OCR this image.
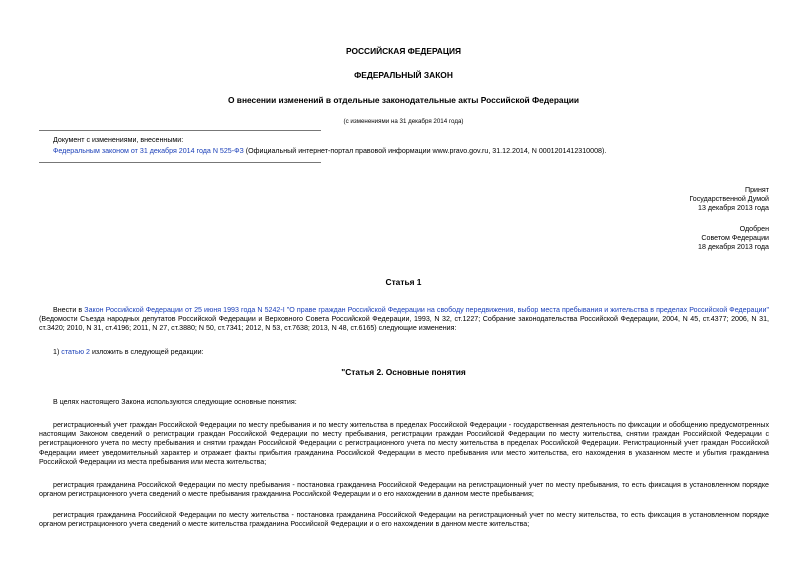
РОССИЙСКАЯ ФЕДЕРАЦИЯ
ФЕДЕРАЛЬНЫЙ ЗАКОН
О внесении изменений в отдельные законодательные акты Российской Федерации
(с изменениями на 31 декабря 2014 года)
Документ с изменениями, внесенными:
Федеральным законом от 31 декабря 2014 года N 525-ФЗ (Официальный интернет-портал правовой информации www.pravo.gov.ru, 31.12.2014, N 0001201412310008).
Принят
Государственной Думой
13 декабря 2013 года
Одобрен
Советом Федерации
18 декабря 2013 года
Статья 1
Внести в Закон Российской Федерации от 25 июня 1993 года N 5242-I "О праве граждан Российской Федерации на свободу передвижения, выбор места пребывания и жительства в пределах Российской Федерации" (Ведомости Съезда народных депутатов Российской Федерации и Верховного Совета Российской Федерации, 1993, N 32, ст.1227; Собрание законодательства Российской Федерации, 2004, N 45, ст.4377; 2006, N 31, ст.3420; 2010, N 31, ст.4196; 2011, N 27, ст.3880; N 50, ст.7341; 2012, N 53, ст.7638; 2013, N 48, ст.6165) следующие изменения:
1) статью 2 изложить в следующей редакции:
"Статья 2. Основные понятия
В целях настоящего Закона используются следующие основные понятия:
регистрационный учет граждан Российской Федерации по месту пребывания и по месту жительства в пределах Российской Федерации - государственная деятельность по фиксации и обобщению предусмотренных настоящим Законом сведений о регистрации граждан Российской Федерации по месту пребывания, регистрации граждан Российской Федерации по месту жительства, снятии граждан Российской Федерации с регистрационного учета по месту пребывания и снятии граждан Российской Федерации с регистрационного учета по месту жительства в пределах Российской Федерации. Регистрационный учет граждан Российской Федерации имеет уведомительный характер и отражает факты прибытия гражданина Российской Федерации в место пребывания или место жительства, его нахождения в указанном месте и убытия гражданина Российской Федерации из места пребывания или места жительства;
регистрация гражданина Российской Федерации по месту пребывания - постановка гражданина Российской Федерации на регистрационный учет по месту пребывания, то есть фиксация в установленном порядке органом регистрационного учета сведений о месте пребывания гражданина Российской Федерации и о его нахождении в данном месте пребывания;
регистрация гражданина Российской Федерации по месту жительства - постановка гражданина Российской Федерации на регистрационный учет по месту жительства, то есть фиксация в установленном порядке органом регистрационного учета сведений о месте жительства гражданина Российской Федерации и о его нахождении в данном месте жительства;
